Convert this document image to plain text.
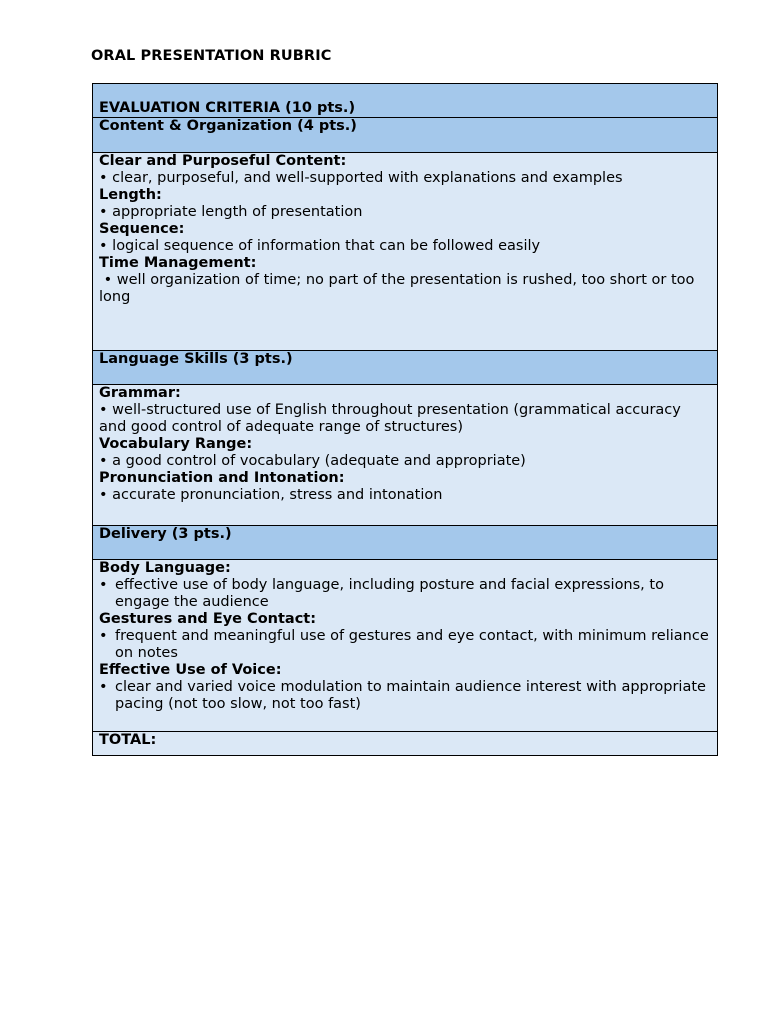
ORAL PRESENTATION RUBRIC
EVALUATION CRITERIA (10 pts.)

Content & Organization (4 pts.)

Clear and Purposeful Content:
• clear, purposeful, and well-supported with explanations and examples
Length:
• appropriate length of presentation
Sequence:
• logical sequence of information that can be followed easily
Time Management:
• well organization of time; no part of the presentation is rushed, too short or too long

Language Skills (3 pts.)

Grammar:
• well-structured use of English throughout presentation (grammatical accuracy and good control of adequate range of structures)
Vocabulary Range:
• a good control of vocabulary (adequate and appropriate)
Pronunciation and Intonation:
• accurate pronunciation, stress and intonation

Delivery (3 pts.)

Body Language:
• effective use of body language, including posture and facial expressions, to engage the audience
Gestures and Eye Contact:
• frequent and meaningful use of gestures and eye contact, with minimum reliance on notes
Effective Use of Voice:
• clear and varied voice modulation to maintain audience interest with appropriate pacing (not too slow, not too fast)

TOTAL:
